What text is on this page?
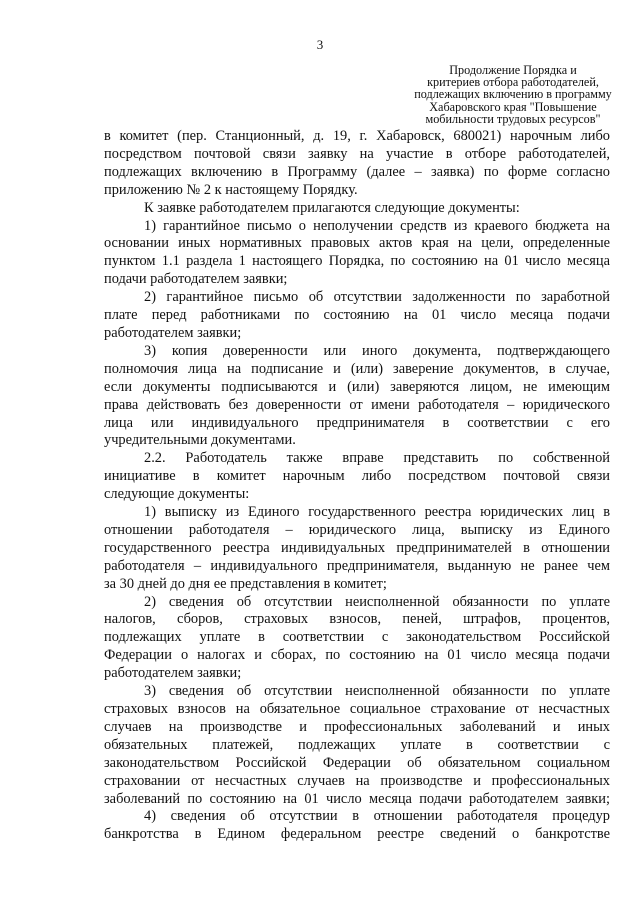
3
Продолжение Порядка и
критериев отбора работодателей,
подлежащих включению в программу
Хабаровского края "Повышение
мобильности трудовых ресурсов"

в комитет (пер. Станционный, д. 19, г. Хабаровск, 680021) нарочным либо

посредством почтовой связи заявку на участие в отборе работодателей,

подлежащих включению в Программу (далее – заявка) по форме согласно

приложению № 2 к настоящему Порядку.

К заявке работодателем прилагаются следующие документы:

1) гарантийное письмо о неполучении средств из краевого бюджета на

основании иных нормативных правовых актов края на цели, определенные

пунктом 1.1 раздела 1 настоящего Порядка, по состоянию на 01 число месяца

подачи работодателем заявки;

2) гарантийное письмо об отсутствии задолженности по заработной

плате перед работниками по состоянию на 01 число месяца подачи

работодателем заявки;

3) копия доверенности или иного документа, подтверждающего

полномочия лица на подписание и (или) заверение документов, в случае,

если документы подписываются и (или) заверяются лицом, не имеющим

права действовать без доверенности от имени работодателя – юридического

лица или индивидуального предпринимателя в соответствии с его

учредительными документами.

2.2. Работодатель также вправе представить по собственной

инициативе в комитет нарочным либо посредством почтовой связи

следующие документы:

1) выписку из Единого государственного реестра юридических лиц в

отношении работодателя – юридического лица, выписку из Единого

государственного реестра индивидуальных предпринимателей в отношении

работодателя – индивидуального предпринимателя, выданную не ранее чем

за 30 дней до дня ее представления в комитет;

2) сведения об отсутствии неисполненной обязанности по уплате

налогов, сборов, страховых взносов, пеней, штрафов, процентов,

подлежащих уплате в соответствии с законодательством Российской

Федерации о налогах и сборах, по состоянию на 01 число месяца подачи

работодателем заявки;

3) сведения об отсутствии неисполненной обязанности по уплате

страховых взносов на обязательное социальное страхование от несчастных

случаев на производстве и профессиональных заболеваний и иных

обязательных платежей, подлежащих уплате в соответствии с

законодательством Российской Федерации об обязательном социальном

страховании от несчастных случаев на производстве и профессиональных

заболеваний по состоянию на 01 число месяца подачи работодателем заявки;

4) сведения об отсутствии в отношении работодателя процедур

банкротства в Едином федеральном реестре сведений о банкротстве
